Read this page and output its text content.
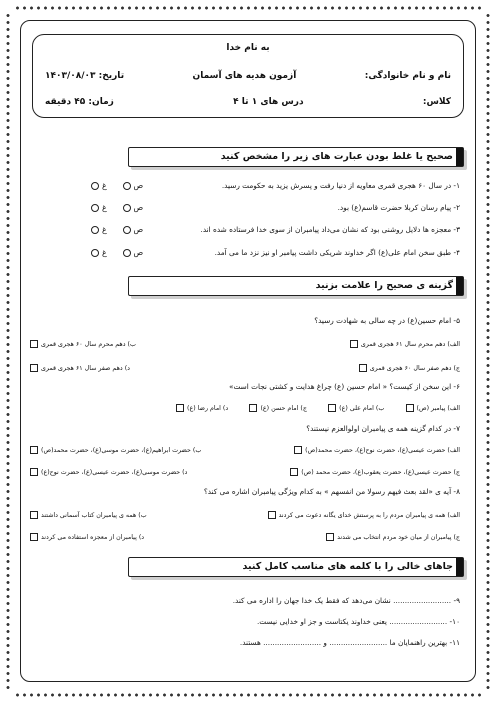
به نام خدا
نام و نام خانوادگی:
آزمون هدیه های آسمان
تاریخ: ۱۴۰۳/۰۸/۰۳
کلاس:
درس های ۱ تا ۴
زمان: ۴۵ دقیقه
صحیح یا غلط بودن عبارت های زیر را مشخص کنید
۱- در سال ۶۰ هجری قمری معاویه از دنیا رفت و پسرش یزید به حکومت رسید.
ص     غ
۲- پیام رسان کربلا حضرت قاسم(ع) بود.
ص     غ
۳- معجزه ها دلایل روشنی بود که نشان می‌داد پیامبران از سوی خدا فرستاده شده اند.
ص     غ
۴- طبق سخن امام علی(ع) اگر خداوند شریکی داشت پیامبر او نیز نزد ما می آمد.
ص     غ
گزینه ی صحیح را علامت بزنید
۵- امام حسین(ع) در چه سالی به شهادت رسید؟
الف) دهم محرم سال ۶۱ هجری قمری
ب) دهم محرم سال ۶۰ هجری قمری
ج) دهم صفر سال ۶۰ هجری قمری
د) دهم صفر سال ۶۱ هجری قمری
۶- این سخن از کیست؟ « امام حسین (ع) چراغ هدایت و کشتی نجات است»
الف) پیامبر (ص)
ب) امام علی (ع)
ج) امام حسن (ع)
د) امام رضا (ع)
۷- در کدام گزینه همه ی پیامبران اولوالعزم نیستند؟
الف) حضرت عیسی(ع)، حضرت نوح(ع)، حضرت محمد(ص)
ب) حضرت ابراهیم(ع)، حضرت موسی(ع)، حضرت محمد(ص)
ج) حضرت عیسی(ع)، حضرت یعقوب(ع)، حضرت محمد (ص)
د) حضرت موسی(ع)، حضرت عیسی(ع)، حضرت نوح(ع)
۸- آیه ی «لقد بعث فیهم رسولا من انفسهم » به کدام ویژگی پیامبران اشاره می کند؟
الف) همه ی پیامبران مردم را به پرستش خدای یگانه دعوت می کردند
ب) همه ی پیامبران کتاب آسمانی داشتند
ج) پیامبران از میان خود مردم انتخاب می شدند
د) پیامبران از معجزه استفاده می کردند
جاهای خالی را با کلمه های مناسب کامل کنید
۹- ......................... نشان می‌دهد که فقط یک خدا جهان را اداره می کند.
۱۰- ......................... یعنی خداوند یکتاست و جز او خدایی نیست.
۱۱- بهترین راهنمایان ما ......................... و ......................... هستند.
